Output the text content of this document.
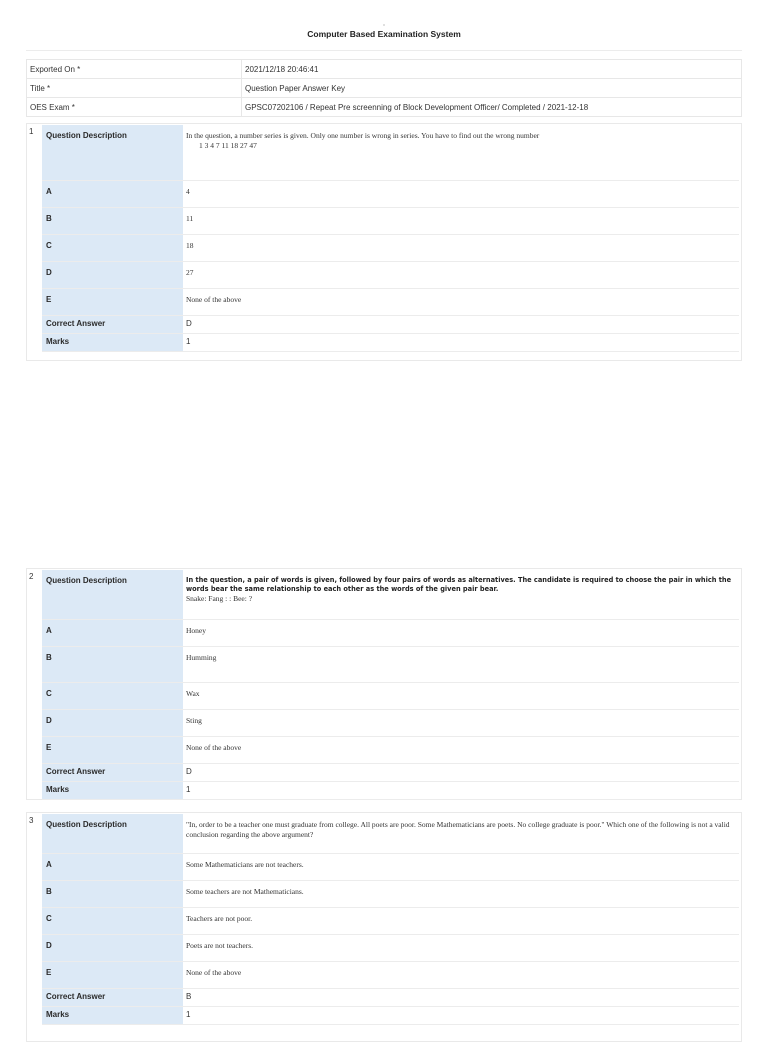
Computer Based Examination System
Exported On *	2021/12/18 20:46:41
Title *	Question Paper Answer Key
OES Exam *	GPSC07202106 / Repeat Pre screenning of Block Development Officer/ Completed / 2021-12-18
1	Question Description	In the question, a number series is given. Only one number is wrong in series. You have to find out the wrong number
1 3 4 7 11 18 27 47
A	4
B	11
C	18
D	27
E	None of the above
Correct Answer	D
Marks	1
2	Question Description	In the question, a pair of words is given, followed by four pairs of words as alternatives. The candidate is required to choose the pair in which the words bear the same relationship to each other as the words of the given pair bear.
Snake: Fang : : Bee: ?
A	Honey
B	Humming
C	Wax
D	Sting
E	None of the above
Correct Answer	D
Marks	1
3	Question Description	"In, order to be a teacher one must graduate from college. All poets are poor. Some Mathematicians are poets. No college graduate is poor." Which one of the following is not a valid conclusion regarding the above argument?
A	Some Mathematicians are not teachers.
B	Some teachers are not Mathematicians.
C	Teachers are not poor.
D	Poets are not teachers.
E	None of the above
Correct Answer	B
Marks	1
